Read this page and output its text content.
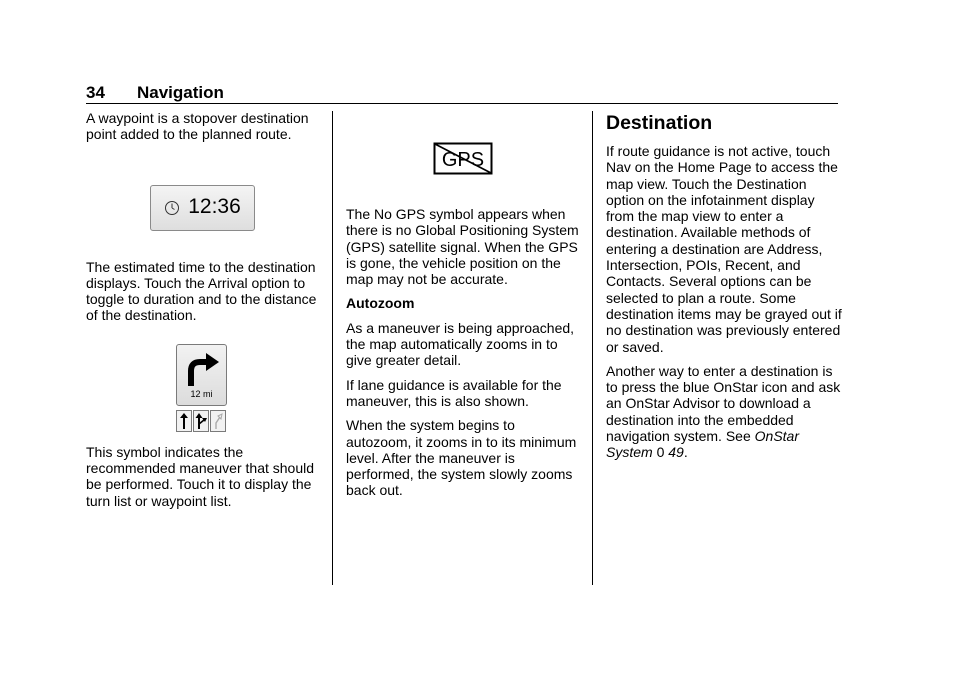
34 Navigation

A waypoint is a stopover destination point added to the planned route.

12:36

The estimated time to the destination displays. Touch the Arrival option to toggle to duration and to the distance of the destination.

12 mi

This symbol indicates the recommended maneuver that should be performed. Touch it to display the turn list or waypoint list.

GPS

The No GPS symbol appears when there is no Global Positioning System (GPS) satellite signal. When the GPS is gone, the vehicle position on the map may not be accurate.

Autozoom

As a maneuver is being approached, the map automatically zooms in to give greater detail.

If lane guidance is available for the maneuver, this is also shown.

When the system begins to autozoom, it zooms in to its minimum level. After the maneuver is performed, the system slowly zooms back out.

Destination

If route guidance is not active, touch Nav on the Home Page to access the map view. Touch the Destination option on the infotainment display from the map view to enter a destination. Available methods of entering a destination are Address, Intersection, POIs, Recent, and Contacts. Several options can be selected to plan a route. Some destination items may be grayed out if no destination was previously entered or saved.

Another way to enter a destination is to press the blue OnStar icon and ask an OnStar Advisor to download a destination into the embedded navigation system. See OnStar System 0 49.
